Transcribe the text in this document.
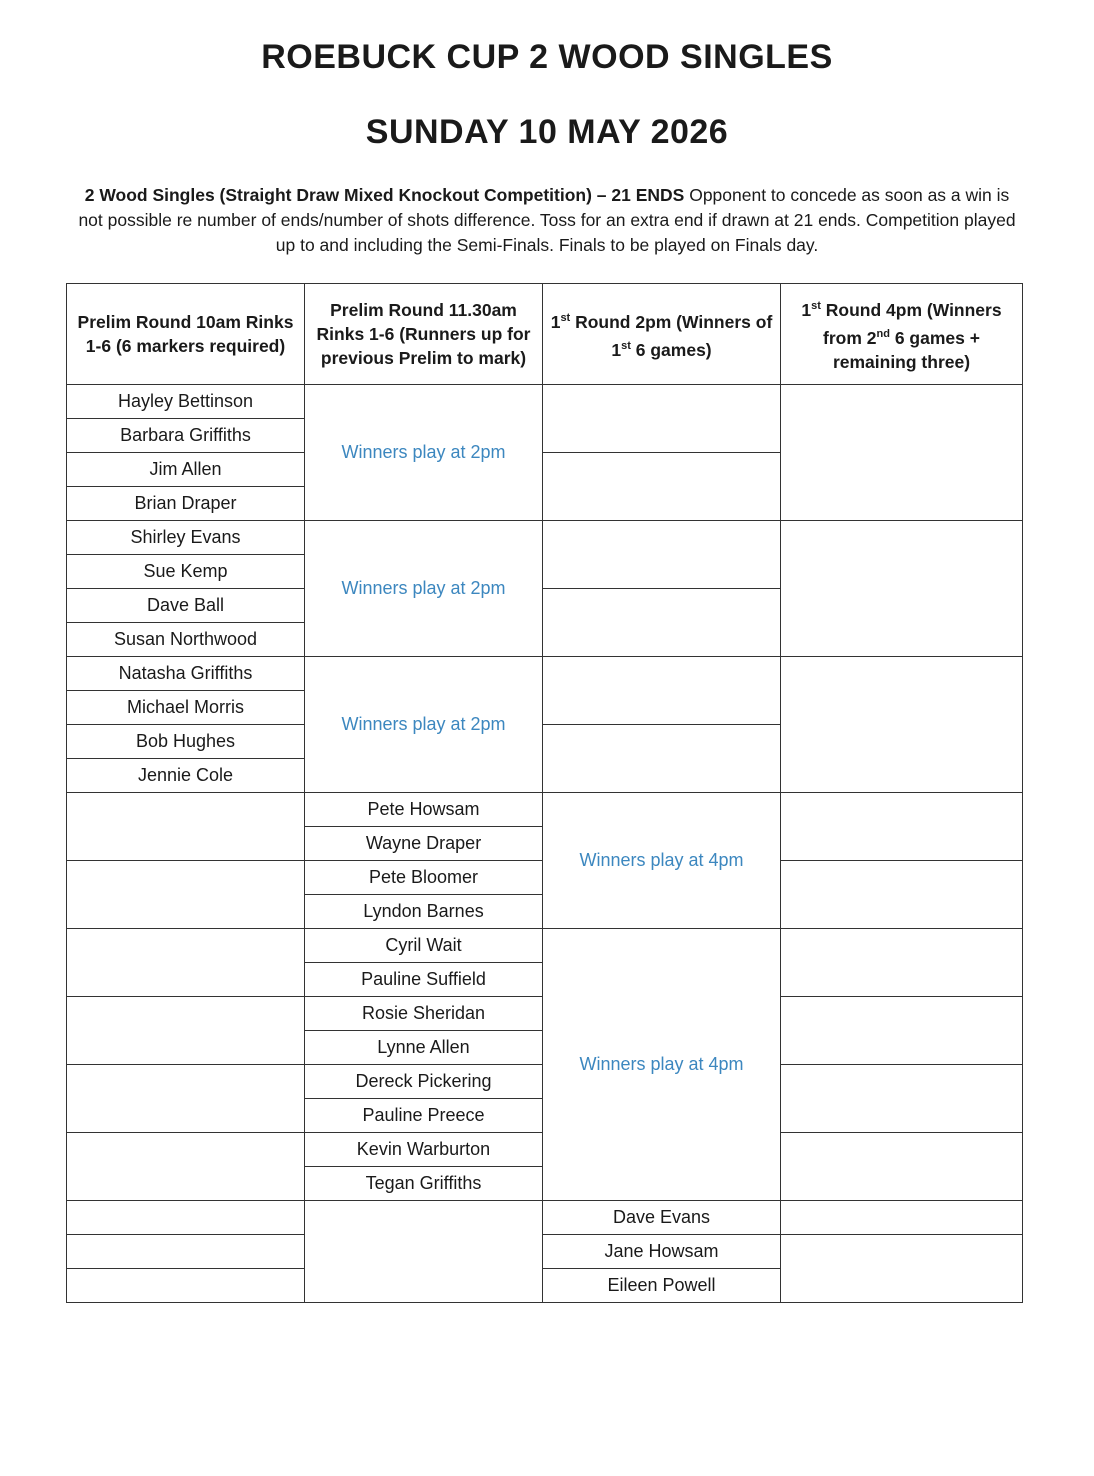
ROEBUCK CUP 2 WOOD SINGLES
SUNDAY 10 MAY 2026

2 Wood Singles (Straight Draw Mixed Knockout Competition) – 21 ENDS Opponent to concede as soon as a win is not possible re number of ends/number of shots difference. Toss for an extra end if drawn at 21 ends. Competition played up to and including the Semi-Finals. Finals to be played on Finals day.

Prelim Round 10am Rinks 1-6 (6 markers required)	Prelim Round 11.30am Rinks 1-6 (Runners up for previous Prelim to mark)	1st Round 2pm (Winners of 1st 6 games)	1st Round 4pm (Winners from 2nd 6 games + remaining three)
Hayley Bettinson	Winners play at 2pm		
Barbara Griffiths			
Jim Allen			
Brian Draper			
Shirley Evans	Winners play at 2pm		
Sue Kemp			
Dave Ball			
Susan Northwood			
Natasha Griffiths	Winners play at 2pm		
Michael Morris			
Bob Hughes			
Jennie Cole			
	Pete Howsam	Winners play at 4pm	
	Wayne Draper		
	Pete Bloomer		
	Lyndon Barnes		
	Cyril Wait	Winners play at 4pm	
	Pauline Suffield		
	Rosie Sheridan		
	Lynne Allen		
	Dereck Pickering		
	Pauline Preece		
	Kevin Warburton		
	Tegan Griffiths		
		Dave Evans	

		Jane Howsam	

		Eileen Powell	
